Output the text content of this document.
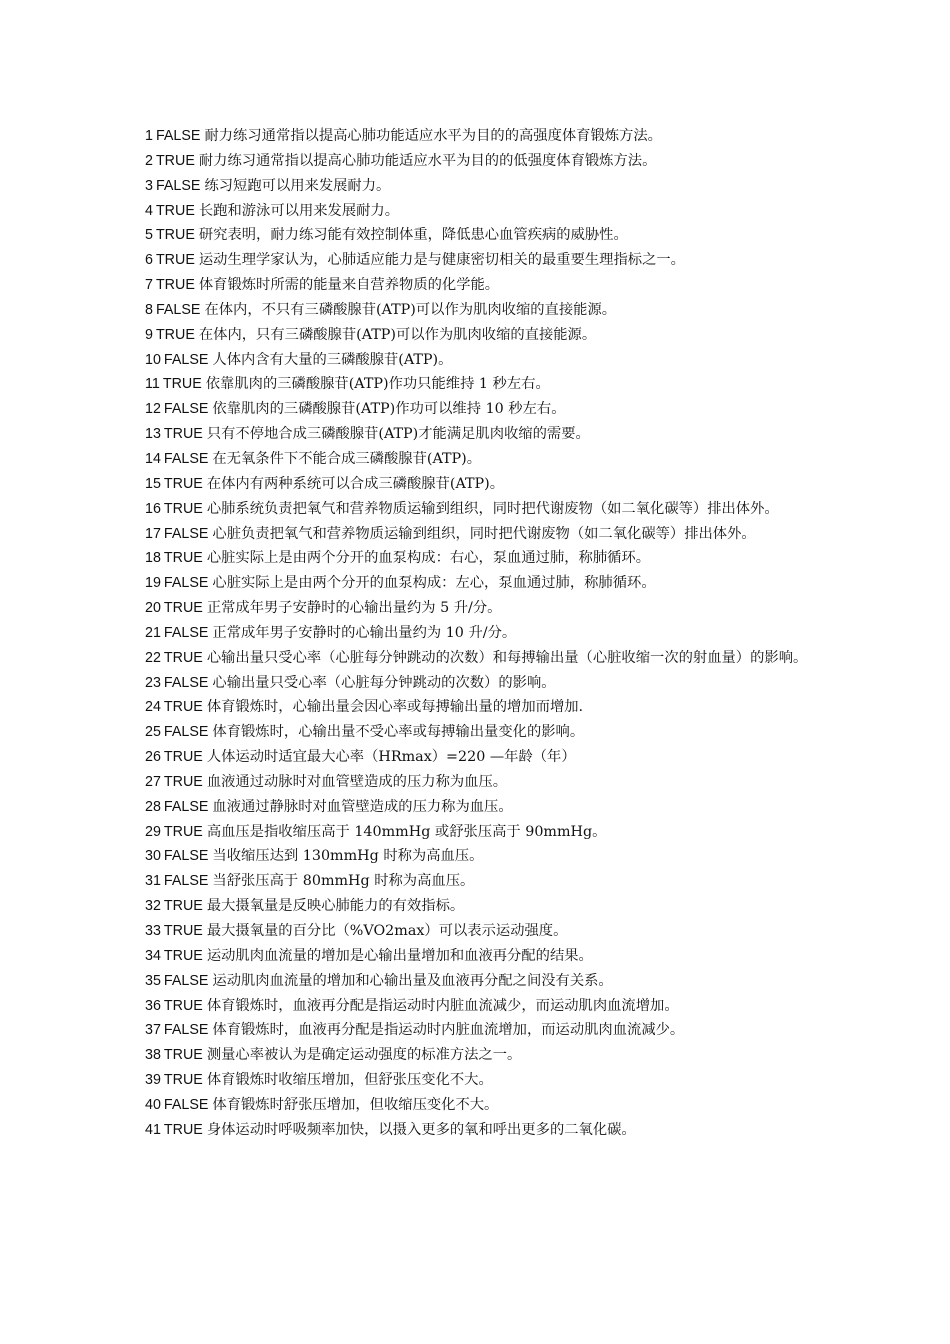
1 FALSE 耐力练习通常指以提高心肺功能适应水平为目的的高强度体育锻炼方法。

2 TRUE 耐力练习通常指以提高心肺功能适应水平为目的的低强度体育锻炼方法。

3 FALSE 练习短跑可以用来发展耐力。

4 TRUE 长跑和游泳可以用来发展耐力。

5 TRUE 研究表明，耐力练习能有效控制体重，降低患心血管疾病的威胁性。

6 TRUE 运动生理学家认为，心肺适应能力是与健康密切相关的最重要生理指标之一。

7 TRUE 体育锻炼时所需的能量来自营养物质的化学能。

8 FALSE 在体内，不只有三磷酸腺苷(ATP)可以作为肌肉收缩的直接能源。

9 TRUE 在体内，只有三磷酸腺苷(ATP)可以作为肌肉收缩的直接能源。

10 FALSE 人体内含有大量的三磷酸腺苷(ATP)。

11 TRUE 依靠肌肉的三磷酸腺苷(ATP)作功只能维持 1 秒左右。

12 FALSE 依靠肌肉的三磷酸腺苷(ATP)作功可以维持 10 秒左右。

13 TRUE 只有不停地合成三磷酸腺苷(ATP)才能满足肌肉收缩的需要。

14 FALSE 在无氧条件下不能合成三磷酸腺苷(ATP)。

15 TRUE 在体内有两种系统可以合成三磷酸腺苷(ATP)。

16 TRUE 心肺系统负责把氧气和营养物质运输到组织，同时把代谢废物（如二氧化碳等）排出体外。

17 FALSE 心脏负责把氧气和营养物质运输到组织，同时把代谢废物（如二氧化碳等）排出体外。

18 TRUE 心脏实际上是由两个分开的血泵构成：右心，泵血通过肺，称肺循环。

19 FALSE 心脏实际上是由两个分开的血泵构成：左心，泵血通过肺，称肺循环。

20 TRUE 正常成年男子安静时的心输出量约为 5 升/分。

21 FALSE 正常成年男子安静时的心输出量约为 10 升/分。

22 TRUE 心输出量只受心率（心脏每分钟跳动的次数）和每搏输出量（心脏收缩一次的射血量）的影响。

23 FALSE 心输出量只受心率（心脏每分钟跳动的次数）的影响。

24 TRUE 体育锻炼时，心输出量会因心率或每搏输出量的增加而增加.

25 FALSE 体育锻炼时，心输出量不受心率或每搏输出量变化的影响。

26 TRUE 人体运动时适宜最大心率（HRmax）=220 —年龄（年）

27 TRUE 血液通过动脉时对血管壁造成的压力称为血压。

28 FALSE 血液通过静脉时对血管壁造成的压力称为血压。

29 TRUE 高血压是指收缩压高于 140mmHg 或舒张压高于 90mmHg。

30 FALSE 当收缩压达到 130mmHg 时称为高血压。

31 FALSE 当舒张压高于 80mmHg 时称为高血压。

32 TRUE 最大摄氧量是反映心肺能力的有效指标。

33 TRUE 最大摄氧量的百分比（%VO2max）可以表示运动强度。

34 TRUE 运动肌肉血流量的增加是心输出量增加和血液再分配的结果。

35 FALSE 运动肌肉血流量的增加和心输出量及血液再分配之间没有关系。

36 TRUE 体育锻炼时，血液再分配是指运动时内脏血流减少，而运动肌肉血流增加。

37 FALSE 体育锻炼时，血液再分配是指运动时内脏血流增加，而运动肌肉血流减少。

38 TRUE 测量心率被认为是确定运动强度的标准方法之一。

39 TRUE 体育锻炼时收缩压增加，但舒张压变化不大。

40 FALSE 体育锻炼时舒张压增加，但收缩压变化不大。

41 TRUE 身体运动时呼吸频率加快，以摄入更多的氧和呼出更多的二氧化碳。
